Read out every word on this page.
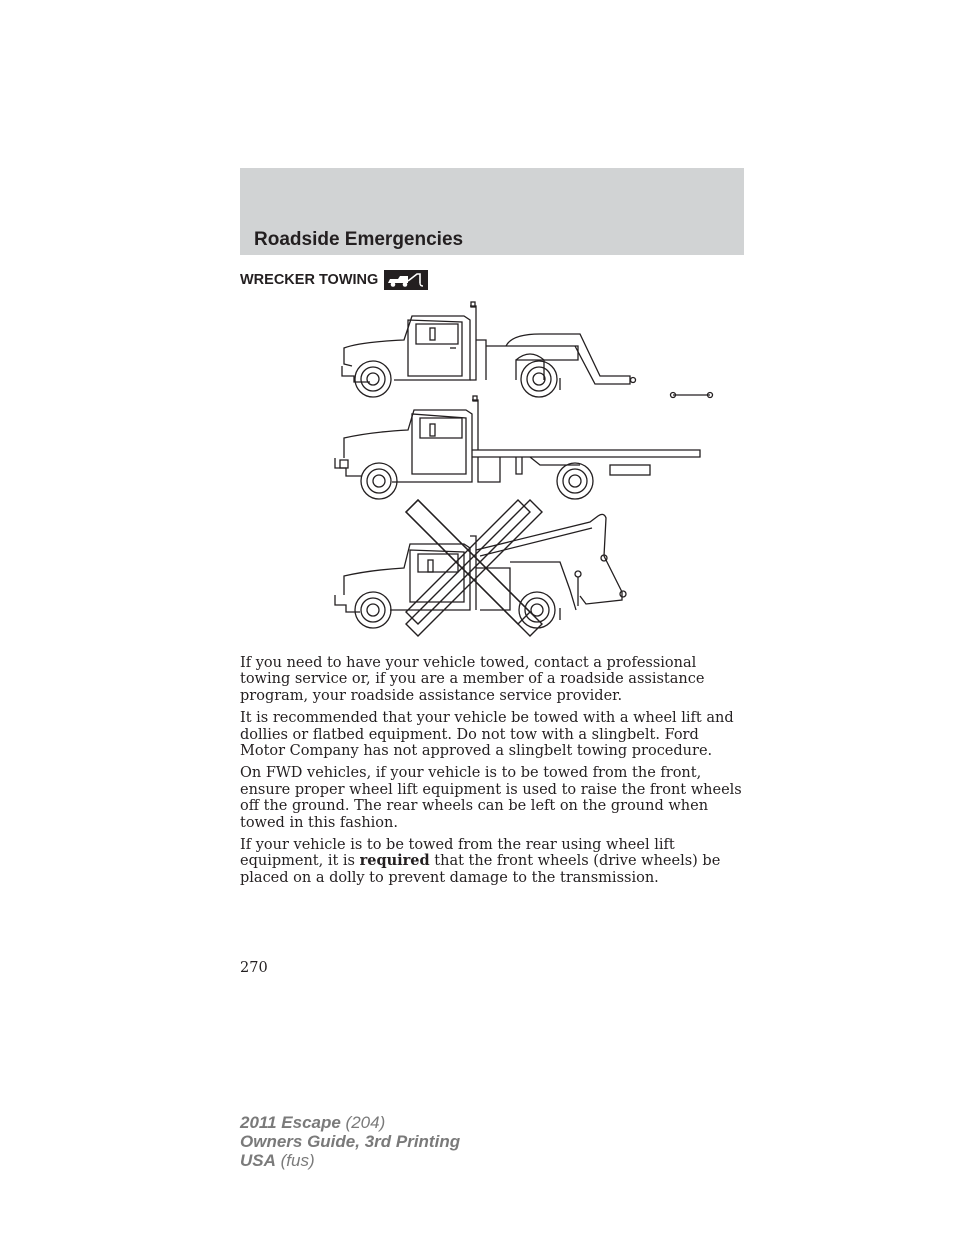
Roadside Emergencies
WRECKER TOWING

If you need to have your vehicle towed, contact a professional towing service or, if you are a member of a roadside assistance program, your roadside assistance service provider.

It is recommended that your vehicle be towed with a wheel lift and dollies or flatbed equipment. Do not tow with a slingbelt. Ford Motor Company has not approved a slingbelt towing procedure.

On FWD vehicles, if your vehicle is to be towed from the front, ensure proper wheel lift equipment is used to raise the front wheels off the ground. The rear wheels can be left on the ground when towed in this fashion.

If your vehicle is to be towed from the rear using wheel lift equipment, it is required that the front wheels (drive wheels) be placed on a dolly to prevent damage to the transmission.

270
2011 Escape (204)
Owners Guide, 3rd Printing
USA (fus)
